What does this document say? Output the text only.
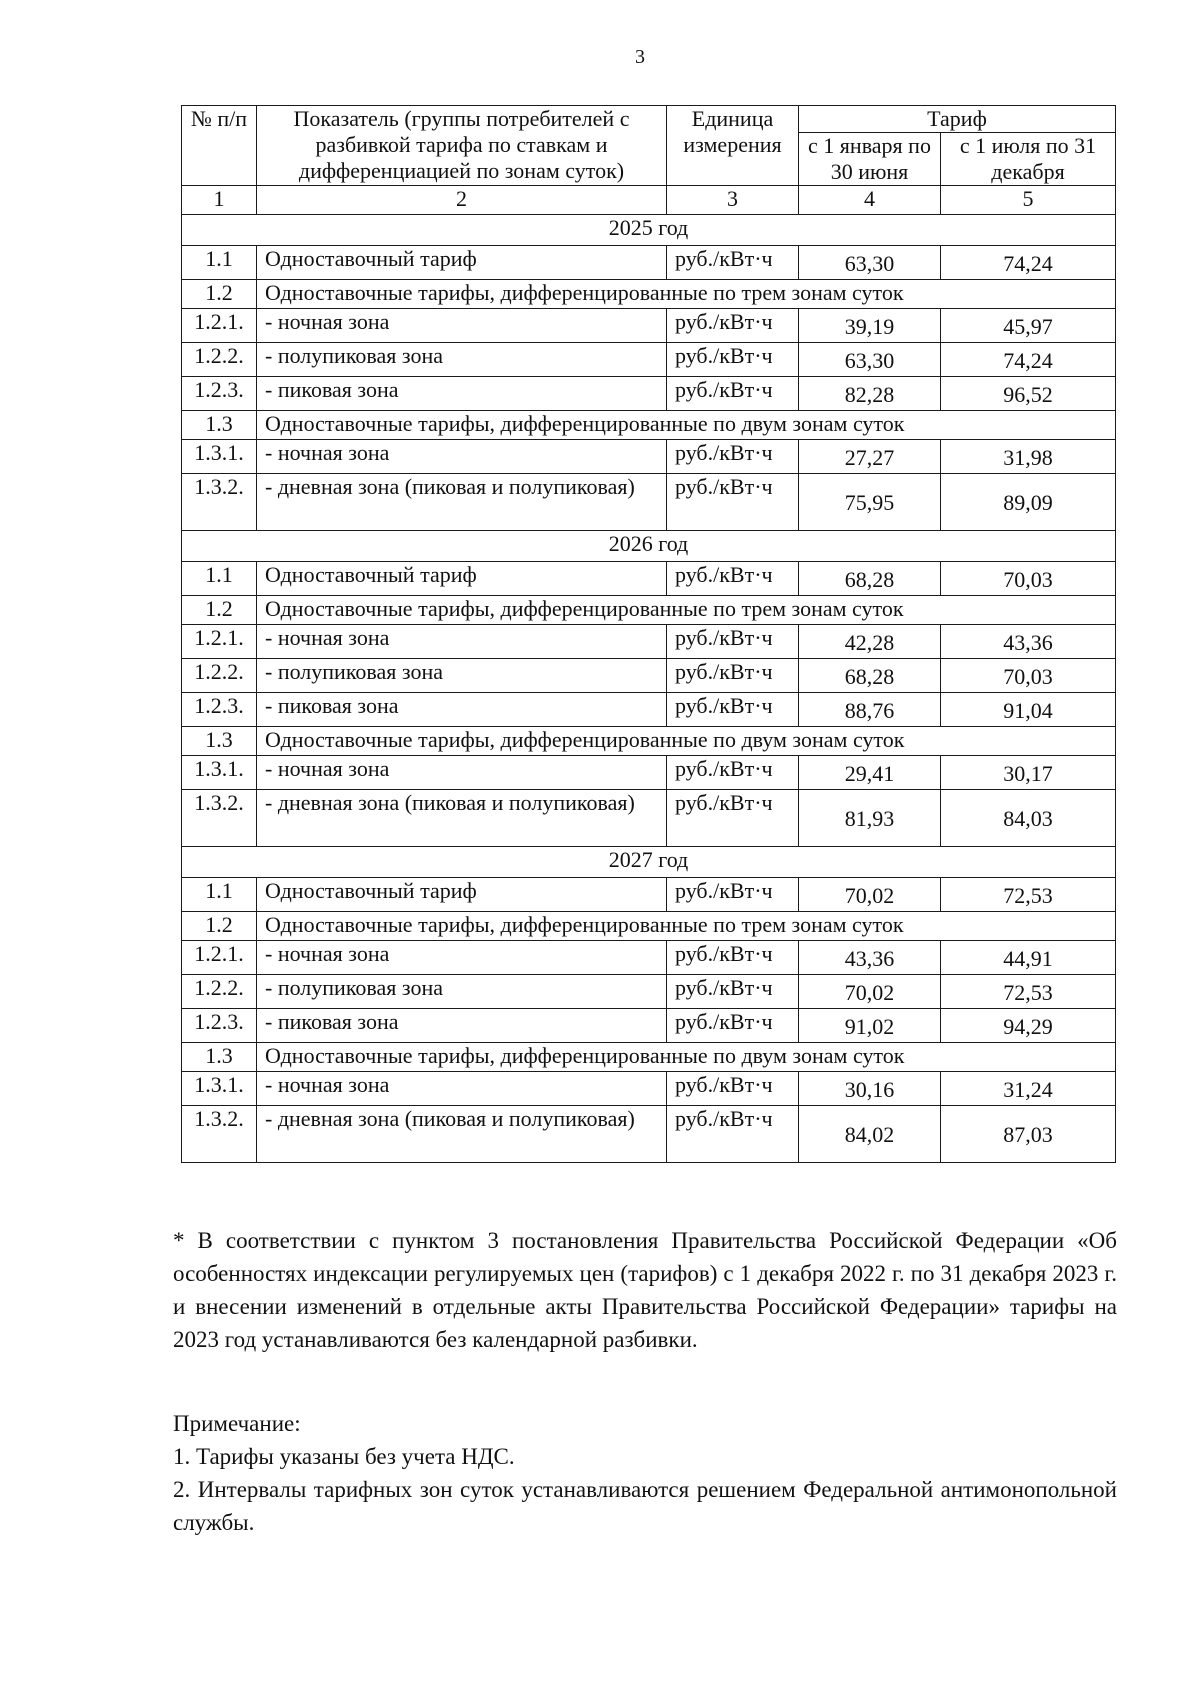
3
№ п/п	Показатель (группы потребителей с разбивкой тарифа по ставкам и дифференциацией по зонам суток)	Единица измерения	Тариф	
			с 1 января по 30 июня	с 1 июля по 31 декабря
1	2	3	4	5
2025 год				
1.1	Одноставочный тариф	руб./кВт·ч	63,30	74,24
1.2	Одноставочные тарифы, дифференцированные по трем зонам суток			
1.2.1.	- ночная зона	руб./кВт·ч	39,19	45,97
1.2.2.	- полупиковая зона	руб./кВт·ч	63,30	74,24
1.2.3.	- пиковая зона	руб./кВт·ч	82,28	96,52
1.3	Одноставочные тарифы, дифференцированные по двум зонам суток			
1.3.1.	- ночная зона	руб./кВт·ч	27,27	31,98
1.3.2.	- дневная зона (пиковая и полупиковая)	руб./кВт·ч	75,95	89,09
2026 год				
1.1	Одноставочный тариф	руб./кВт·ч	68,28	70,03
1.2	Одноставочные тарифы, дифференцированные по трем зонам суток			
1.2.1.	- ночная зона	руб./кВт·ч	42,28	43,36
1.2.2.	- полупиковая зона	руб./кВт·ч	68,28	70,03
1.2.3.	- пиковая зона	руб./кВт·ч	88,76	91,04
1.3	Одноставочные тарифы, дифференцированные по двум зонам суток			
1.3.1.	- ночная зона	руб./кВт·ч	29,41	30,17
1.3.2.	- дневная зона (пиковая и полупиковая)	руб./кВт·ч	81,93	84,03
2027 год				
1.1	Одноставочный тариф	руб./кВт·ч	70,02	72,53
1.2	Одноставочные тарифы, дифференцированные по трем зонам суток			
1.2.1.	- ночная зона	руб./кВт·ч	43,36	44,91
1.2.2.	- полупиковая зона	руб./кВт·ч	70,02	72,53
1.2.3.	- пиковая зона	руб./кВт·ч	91,02	94,29
1.3	Одноставочные тарифы, дифференцированные по двум зонам суток			
1.3.1.	- ночная зона	руб./кВт·ч	30,16	31,24
1.3.2.	- дневная зона (пиковая и полупиковая)	руб./кВт·ч	84,02	87,03

* В соответствии с пунктом 3 постановления Правительства Российской Федерации «Об особенностях индексации регулируемых цен (тарифов) с 1 декабря 2022 г. по 31 декабря 2023 г. и внесении изменений в отдельные акты Правительства Российской Федерации» тарифы на 2023 год устанавливаются без календарной разбивки.

Примечание:

1. Тарифы указаны без учета НДС.

2. Интервалы тарифных зон суток устанавливаются решением Федеральной антимонопольной службы.
